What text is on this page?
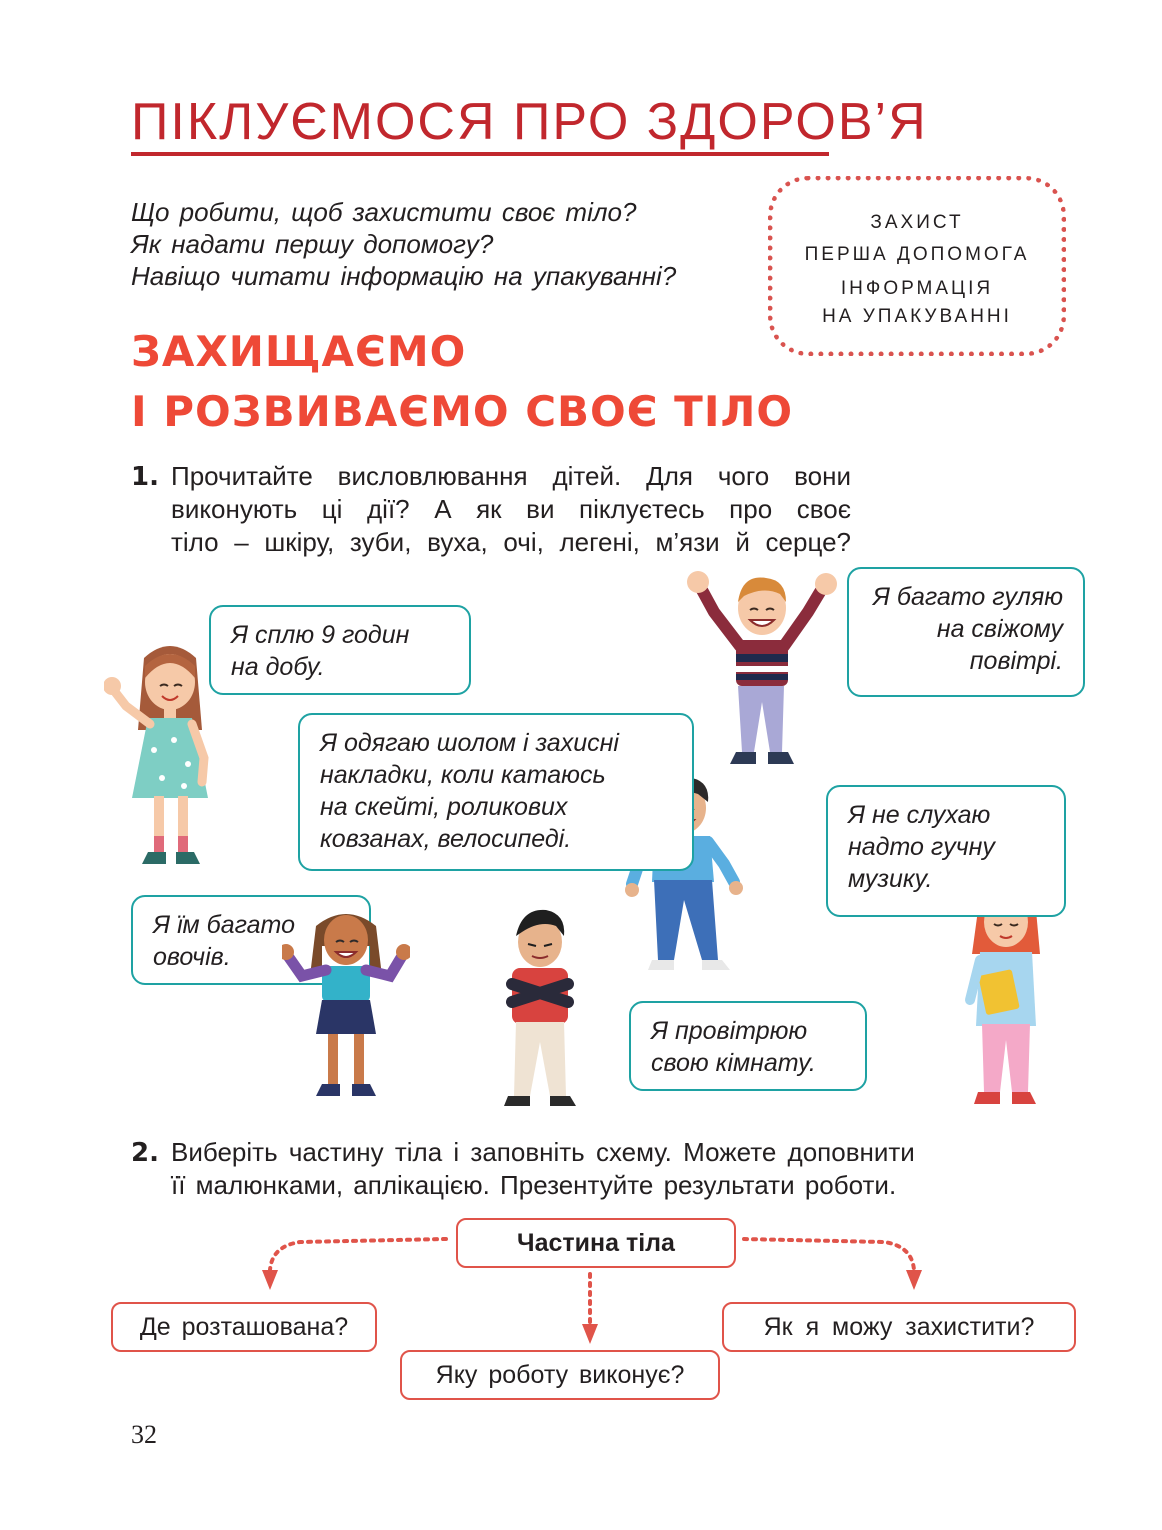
ПІКЛУЄМОСЯ ПРО ЗДОРОВ’Я
Що робити, щоб захистити своє тіло?
Як надати першу допомогу?
Навіщо читати інформацію на упакуванні?
ЗАХИСТ
ПЕРША ДОПОМОГА
ІНФОРМАЦІЯ
НА УПАКУВАННІ
ЗАХИЩАЄМО
І РОЗВИВАЄМО СВОЄ ТІЛО
1. Прочитайте висловлювання дітей. Для чого вони
виконують ці дії? А як ви піклуєтесь про своє
тіло – шкіру, зуби, вуха, очі, легені, м’язи й серце?
Я сплю 9 годин
на добу.
Я багато гуляю
на свіжому
повітрі.
Я одягаю шолом і захисні
накладки, коли катаюсь
на скейті, роликових
ковзанах, велосипеді.
Я не слухаю
надто гучну
музику.
Я їм багато
овочів.
Я провітрюю
свою кімнату.
2. Виберіть частину тіла і заповніть схему. Можете доповнити
її малюнками, аплікацією. Презентуйте результати роботи.
Частина тіла
Де розташована?
Яку роботу виконує?
Як я можу захистити?
32
